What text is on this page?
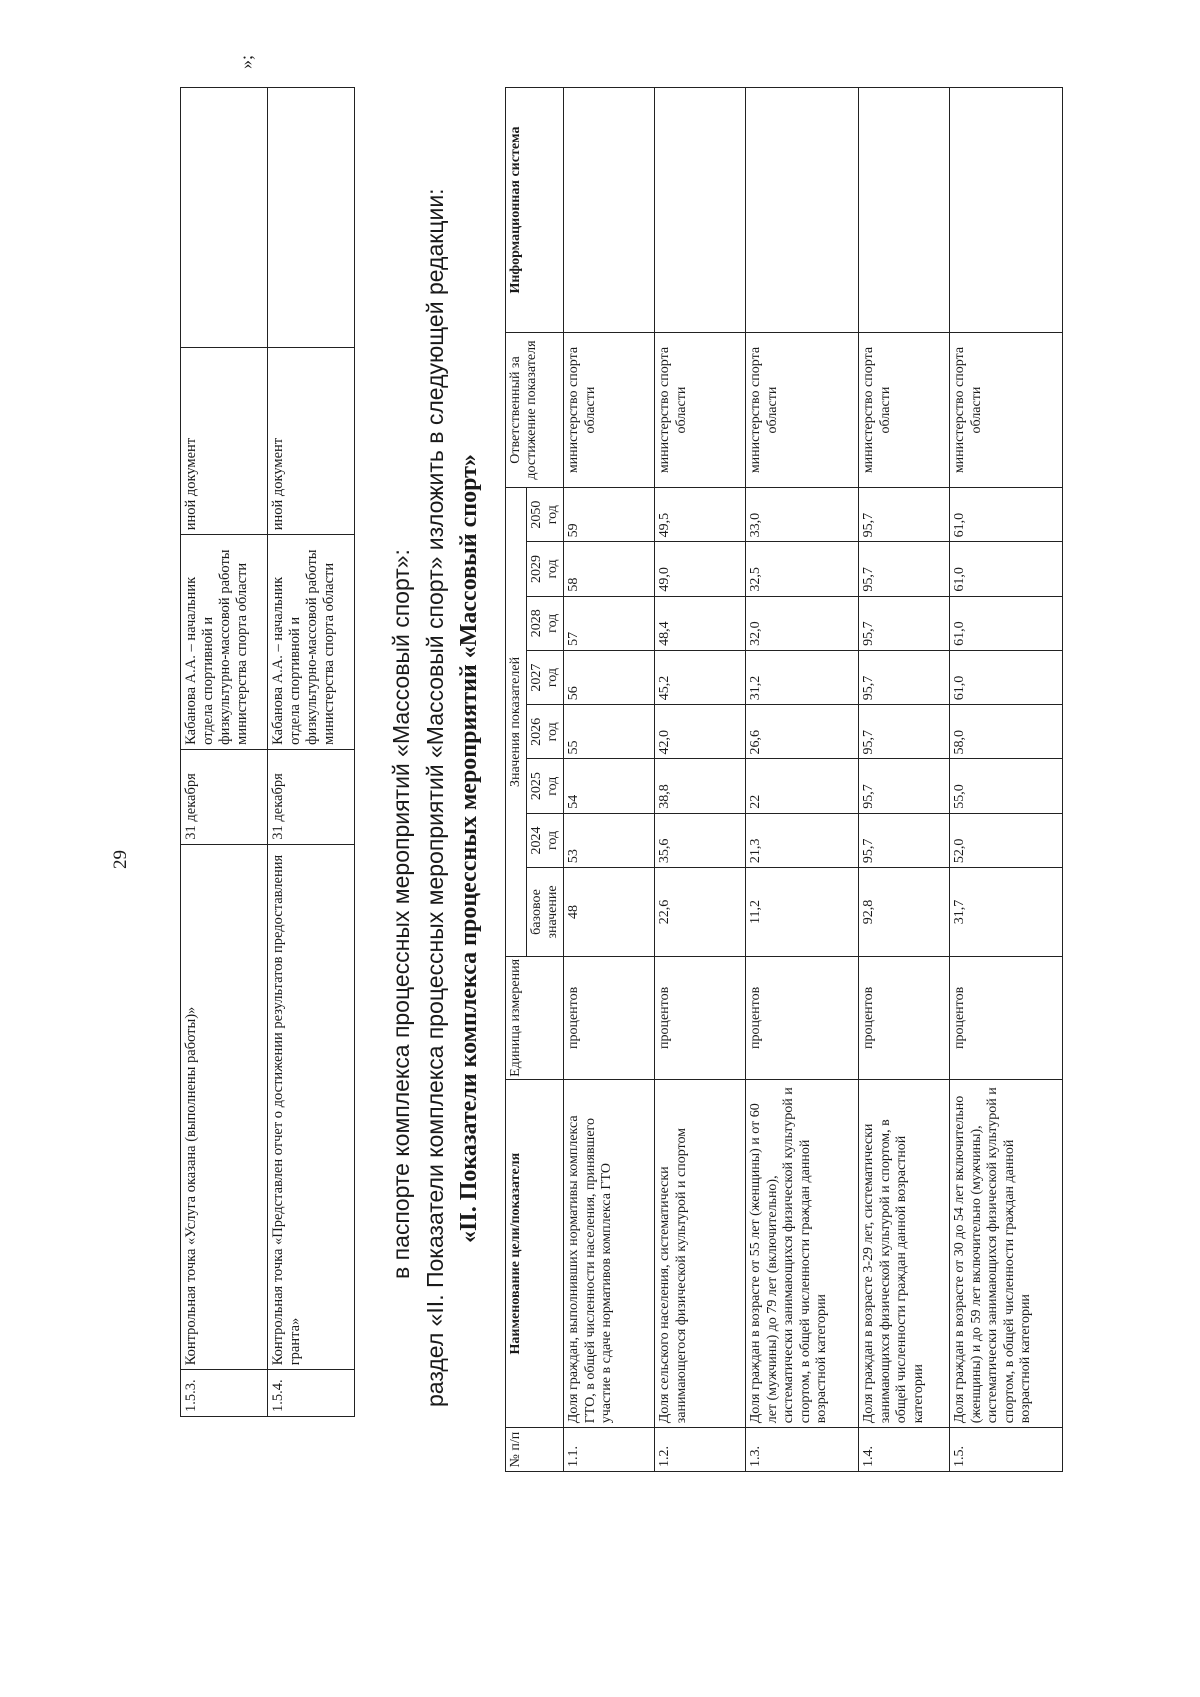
29
1.5.3.	Контрольная точка «Услуга оказана (выполнены работы)»	31 декабря	Кабанова А.А. – начальник отдела спортивной и физкультурно-массовой работы министерства спорта области	иной документ	
1.5.4.	Контрольная точка «Представлен отчет о достижении результатов предоставления гранта»	31 декабря	Кабанова А.А. – начальник отдела спортивной и физкультурно-массовой работы министерства спорта области	иной документ	
»;
в паспорте комплекса процессных мероприятий «Массовый спорт»: раздел «II. Показатели комплекса процессных мероприятий «Массовый спорт» изложить в следующей редакции: «II. Показатели комплекса процессных мероприятий «Массовый спорт»
№ п/п	Наименование цели/показателя	Единица измерения	Значения показателей								Ответственный за достижение показателя	Информационная система
			базовое значение	2024 год	2025 год	2026 год	2027 год	2028 год	2029 год	2050 год		
1.1.	Доля граждан, выполнивших нормативы комплекса ГТО, в общей численности населения, принявшего участие в сдаче нормативов комплекса ГТО	процентов	48	53	54	55	56	57	58	59	министерство спорта области	
1.2.	Доля сельского населения, систематически занимающегося физической культурой и спортом	процентов	22,6	35,6	38,8	42,0	45,2	48,4	49,0	49,5	министерство спорта области	
1.3.	Доля граждан в возрасте от 55 лет (женщины) и от 60 лет (мужчины) до 79 лет (включительно), систематически занимающихся физической культурой и спортом, в общей численности граждан данной возрастной категории	процентов	11,2	21,3	22	26,6	31,2	32,0	32,5	33,0	министерство спорта области	
1.4.	Доля граждан в возрасте 3-29 лет, систематически занимающихся физической культурой и спортом, в общей численности граждан данной возрастной категории	процентов	92,8	95,7	95,7	95,7	95,7	95,7	95,7	95,7	министерство спорта области	
1.5.	Доля граждан в возрасте от 30 до 54 лет включительно (женщины) и до 59 лет включительно (мужчины), систематически занимающихся физической культурой и спортом, в общей численности граждан данной возрастной категории	процентов	31,7	52,0	55,0	58,0	61,0	61,0	61,0	61,0	министерство спорта области	
